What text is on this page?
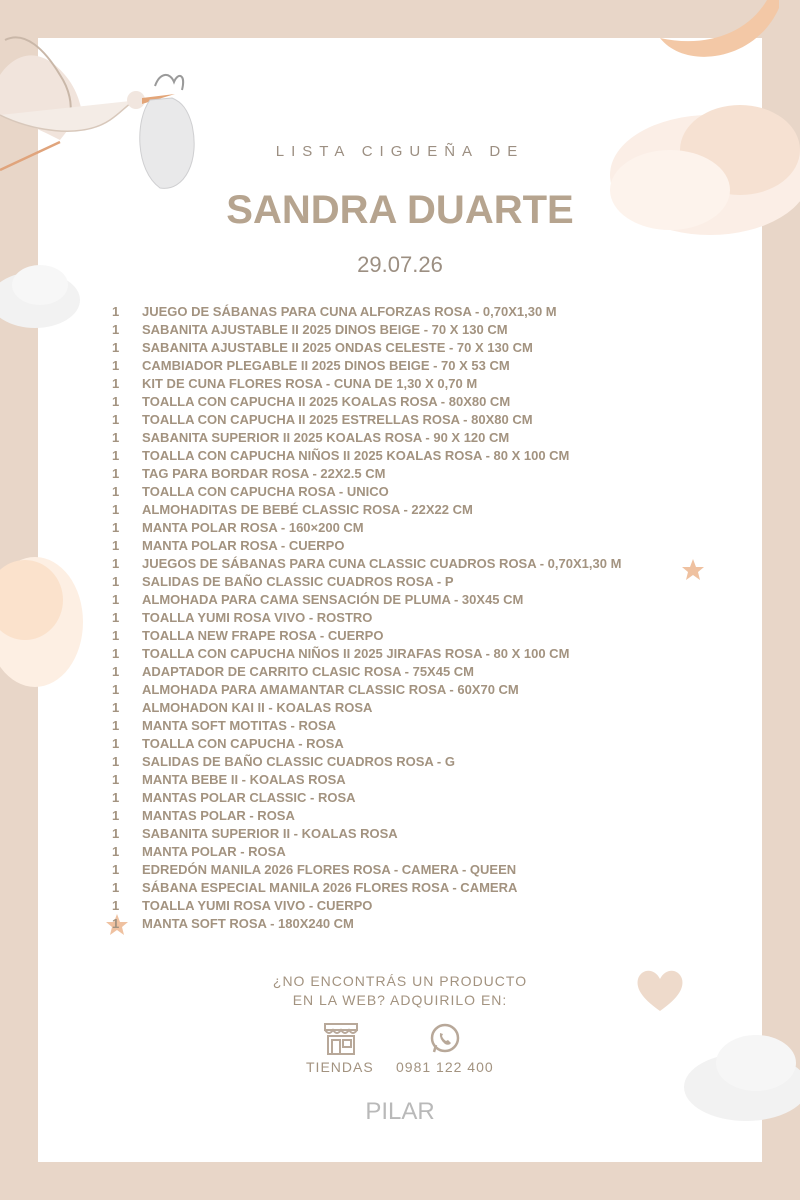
LISTA CIGUEÑA DE
SANDRA DUARTE
29.07.26
1 JUEGO DE SÁBANAS PARA CUNA ALFORZAS ROSA - 0,70X1,30 M
1 SABANITA AJUSTABLE II 2025 DINOS BEIGE - 70 X 130 CM
1 SABANITA AJUSTABLE II 2025 ONDAS CELESTE - 70 X 130 CM
1 CAMBIADOR PLEGABLE II 2025 DINOS BEIGE - 70 X 53 CM
1 KIT DE CUNA FLORES ROSA - CUNA DE 1,30 X 0,70 M
1 TOALLA CON CAPUCHA II 2025 KOALAS ROSA - 80X80 CM
1 TOALLA CON CAPUCHA II 2025 ESTRELLAS ROSA - 80X80 CM
1 SABANITA SUPERIOR II 2025 KOALAS ROSA - 90 X 120 CM
1 TOALLA CON CAPUCHA NIÑOS II 2025 KOALAS ROSA - 80 X 100 CM
1 TAG PARA BORDAR ROSA - 22X2.5 CM
1 TOALLA CON CAPUCHA ROSA - UNICO
1 ALMOHADITAS DE BEBÉ CLASSIC ROSA - 22X22 CM
1 MANTA POLAR ROSA - 160×200 CM
1 MANTA POLAR ROSA - CUERPO
1 JUEGOS DE SÁBANAS PARA CUNA CLASSIC CUADROS ROSA - 0,70X1,30 M
1 SALIDAS DE BAÑO CLASSIC CUADROS ROSA - P
1 ALMOHADA PARA CAMA SENSACIÓN DE PLUMA - 30X45 CM
1 TOALLA YUMI ROSA VIVO - ROSTRO
1 TOALLA NEW FRAPE ROSA - CUERPO
1 TOALLA CON CAPUCHA NIÑOS II 2025 JIRAFAS ROSA - 80 X 100 CM
1 ADAPTADOR DE CARRITO CLASIC ROSA - 75X45 CM
1 ALMOHADA PARA AMAMANTAR CLASSIC ROSA - 60X70 CM
1 ALMOHADON KAI II - KOALAS ROSA
1 MANTA SOFT MOTITAS - ROSA
1 TOALLA CON CAPUCHA - ROSA
1 SALIDAS DE BAÑO CLASSIC CUADROS ROSA - G
1 MANTA BEBE II - KOALAS ROSA
1 MANTAS POLAR CLASSIC - ROSA
1 MANTAS POLAR - ROSA
1 SABANITA SUPERIOR II - KOALAS ROSA
1 MANTA POLAR - ROSA
1 EDREDÓN MANILA 2026 FLORES ROSA - CAMERA - QUEEN
1 SÁBANA ESPECIAL MANILA 2026 FLORES ROSA - CAMERA
1 TOALLA YUMI ROSA VIVO - CUERPO
1 MANTA SOFT ROSA - 180X240 CM
¿NO ENCONTRÁS UN PRODUCTO
EN LA WEB? ADQUIRILO EN:
TIENDAS 0981 122 400
PILAR
